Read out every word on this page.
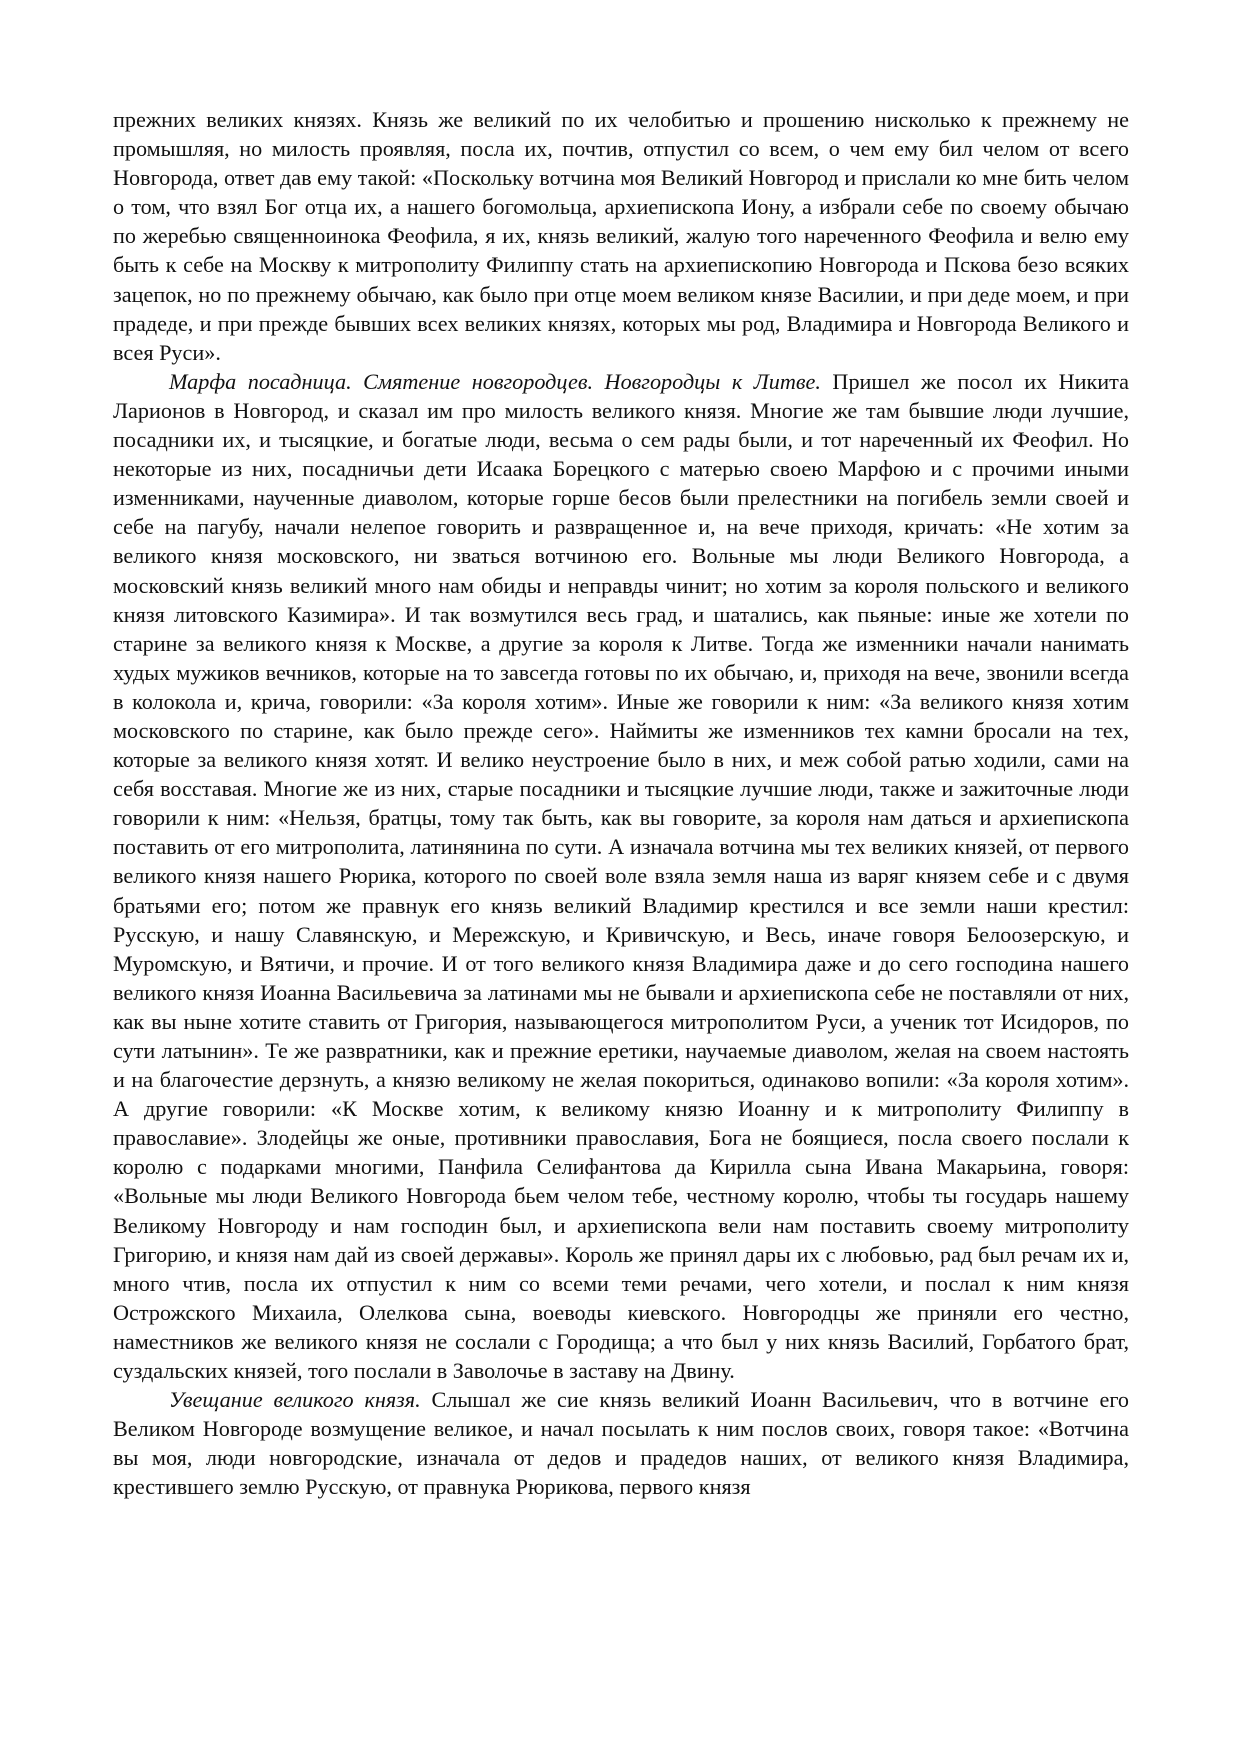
прежних великих князях. Князь же великий по их челобитью и прошению нисколько к прежнему не промышляя, но милость проявляя, посла их, почтив, отпустил со всем, о чем ему бил челом от всего Новгорода, ответ дав ему такой: «Поскольку вотчина моя Великий Новгород и прислали ко мне бить челом о том, что взял Бог отца их, а нашего богомольца, архиепископа Иону, а избрали себе по своему обычаю по жеребью священноинока Феофила, я их, князь великий, жалую того нареченного Феофила и велю ему быть к себе на Москву к митрополиту Филиппу стать на архиепископию Новгорода и Пскова безо всяких зацепок, но по прежнему обычаю, как было при отце моем великом князе Василии, и при деде моем, и при прадеде, и при прежде бывших всех великих князях, которых мы род, Владимира и Новгорода Великого и всея Руси».

Марфа посадница. Смятение новгородцев. Новгородцы к Литве. Пришел же посол их Никита Ларионов в Новгород, и сказал им про милость великого князя. Многие же там бывшие люди лучшие, посадники их, и тысяцкие, и богатые люди, весьма о сем рады были, и тот нареченный их Феофил. Но некоторые из них, посадничьи дети Исаака Борецкого с матерью своею Марфою и с прочими иными изменниками, наученные диаволом, которые горше бесов были прелестники на погибель земли своей и себе на пагубу, начали нелепое говорить и развращенное и, на вече приходя, кричать: «Не хотим за великого князя московского, ни зваться вотчиною его. Вольные мы люди Великого Новгорода, а московский князь великий много нам обиды и неправды чинит; но хотим за короля польского и великого князя литовского Казимира». И так возмутился весь град, и шатались, как пьяные: иные же хотели по старине за великого князя к Москве, а другие за короля к Литве. Тогда же изменники начали нанимать худых мужиков вечников, которые на то завсегда готовы по их обычаю, и, приходя на вече, звонили всегда в колокола и, крича, говорили: «За короля хотим». Иные же говорили к ним: «За великого князя хотим московского по старине, как было прежде сего». Наймиты же изменников тех камни бросали на тех, которые за великого князя хотят. И велико неустроение было в них, и меж собой ратью ходили, сами на себя восставая. Многие же из них, старые посадники и тысяцкие лучшие люди, также и зажиточные люди говорили к ним: «Нельзя, братцы, тому так быть, как вы говорите, за короля нам даться и архиепископа поставить от его митрополита, латинянина по сути. А изначала вотчина мы тех великих князей, от первого великого князя нашего Рюрика, которого по своей воле взяла земля наша из варяг князем себе и с двумя братьями его; потом же правнук его князь великий Владимир крестился и все земли наши крестил: Русскую, и нашу Славянскую, и Мережскую, и Кривичскую, и Весь, иначе говоря Белоозерскую, и Муромскую, и Вятичи, и прочие. И от того великого князя Владимира даже и до сего господина нашего великого князя Иоанна Васильевича за латинами мы не бывали и архиепископа себе не поставляли от них, как вы ныне хотите ставить от Григория, называющегося митрополитом Руси, а ученик тот Исидоров, по сути латынин». Те же развратники, как и прежние еретики, научаемые диаволом, желая на своем настоять и на благочестие дерзнуть, а князю великому не желая покориться, одинаково вопили: «За короля хотим». А другие говорили: «К Москве хотим, к великому князю Иоанну и к митрополиту Филиппу в православие». Злодейцы же оные, противники православия, Бога не боящиеся, посла своего послали к королю с подарками многими, Панфила Селифантова да Кирилла сына Ивана Макарьина, говоря: «Вольные мы люди Великого Новгорода бьем челом тебе, честному королю, чтобы ты государь нашему Великому Новгороду и нам господин был, и архиепископа вели нам поставить своему митрополиту Григорию, и князя нам дай из своей державы». Король же принял дары их с любовью, рад был речам их и, много чтив, посла их отпустил к ним со всеми теми речами, чего хотели, и послал к ним князя Острожского Михаила, Олелкова сына, воеводы киевского. Новгородцы же приняли его честно, наместников же великого князя не сослали с Городища; а что был у них князь Василий, Горбатого брат, суздальских князей, того послали в Заволочье в заставу на Двину.

Увещание великого князя. Слышал же сие князь великий Иоанн Васильевич, что в вотчине его Великом Новгороде возмущение великое, и начал посылать к ним послов своих, говоря такое: «Вотчина вы моя, люди новгородские, изначала от дедов и прадедов наших, от великого князя Владимира, крестившего землю Русскую, от правнука Рюрикова, первого князя
